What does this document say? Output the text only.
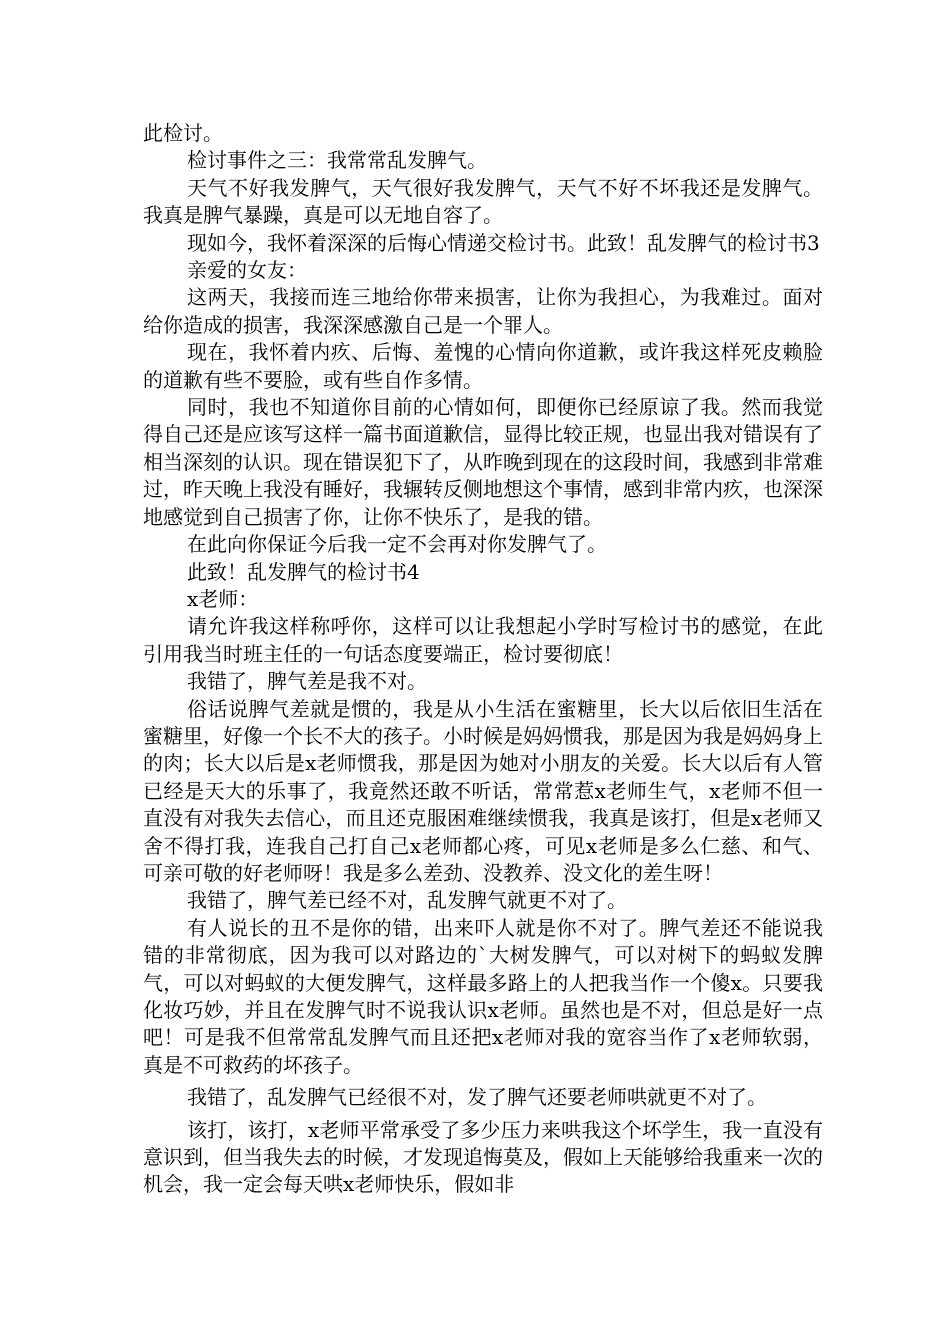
此检讨。

检讨事件之三：我常常乱发脾气。

天气不好我发脾气，天气很好我发脾气，天气不好不坏我还是发脾气。我真是脾气暴躁，真是可以无地自容了。

现如今，我怀着深深的后悔心情递交检讨书。此致！乱发脾气的检讨书3

亲爱的女友：

这两天，我接而连三地给你带来损害，让你为我担心，为我难过。面对给你造成的损害，我深深感激自己是一个罪人。

现在，我怀着内疚、后悔、羞愧的心情向你道歉，或许我这样死皮赖脸的道歉有些不要脸，或有些自作多情。

同时，我也不知道你目前的心情如何，即便你已经原谅了我。然而我觉得自己还是应该写这样一篇书面道歉信，显得比较正规，也显出我对错误有了相当深刻的认识。现在错误犯下了，从昨晚到现在的这段时间，我感到非常难过，昨天晚上我没有睡好，我辗转反侧地想这个事情，感到非常内疚，也深深地感觉到自己损害了你，让你不快乐了，是我的错。

在此向你保证今后我一定不会再对你发脾气了。

此致！乱发脾气的检讨书4

x老师：

请允许我这样称呼你，这样可以让我想起小学时写检讨书的感觉，在此引用我当时班主任的一句话态度要端正，检讨要彻底！

我错了，脾气差是我不对。

俗话说脾气差就是惯的，我是从小生活在蜜糖里，长大以后依旧生活在蜜糖里，好像一个长不大的孩子。小时候是妈妈惯我，那是因为我是妈妈身上的肉；长大以后是x老师惯我，那是因为她对小朋友的关爱。长大以后有人管已经是天大的乐事了，我竟然还敢不听话，常常惹x老师生气，x老师不但一直没有对我失去信心，而且还克服困难继续惯我，我真是该打，但是x老师又舍不得打我，连我自己打自己x老师都心疼，可见x老师是多么仁慈、和气、可亲可敬的好老师呀！我是多么差劲、没教养、没文化的差生呀！

我错了，脾气差已经不对，乱发脾气就更不对了。

有人说长的丑不是你的错，出来吓人就是你不对了。脾气差还不能说我错的非常彻底，因为我可以对路边的`大树发脾气，可以对树下的蚂蚁发脾气，可以对蚂蚁的大便发脾气，这样最多路上的人把我当作一个傻x。只要我化妆巧妙，并且在发脾气时不说我认识x老师。虽然也是不对，但总是好一点吧！可是我不但常常乱发脾气而且还把x老师对我的宽容当作了x老师软弱，真是不可救药的坏孩子。

我错了，乱发脾气已经很不对，发了脾气还要老师哄就更不对了。

该打，该打，x老师平常承受了多少压力来哄我这个坏学生，我一直没有意识到，但当我失去的时候，才发现追悔莫及，假如上天能够给我重来一次的机会，我一定会每天哄x老师快乐，假如非
